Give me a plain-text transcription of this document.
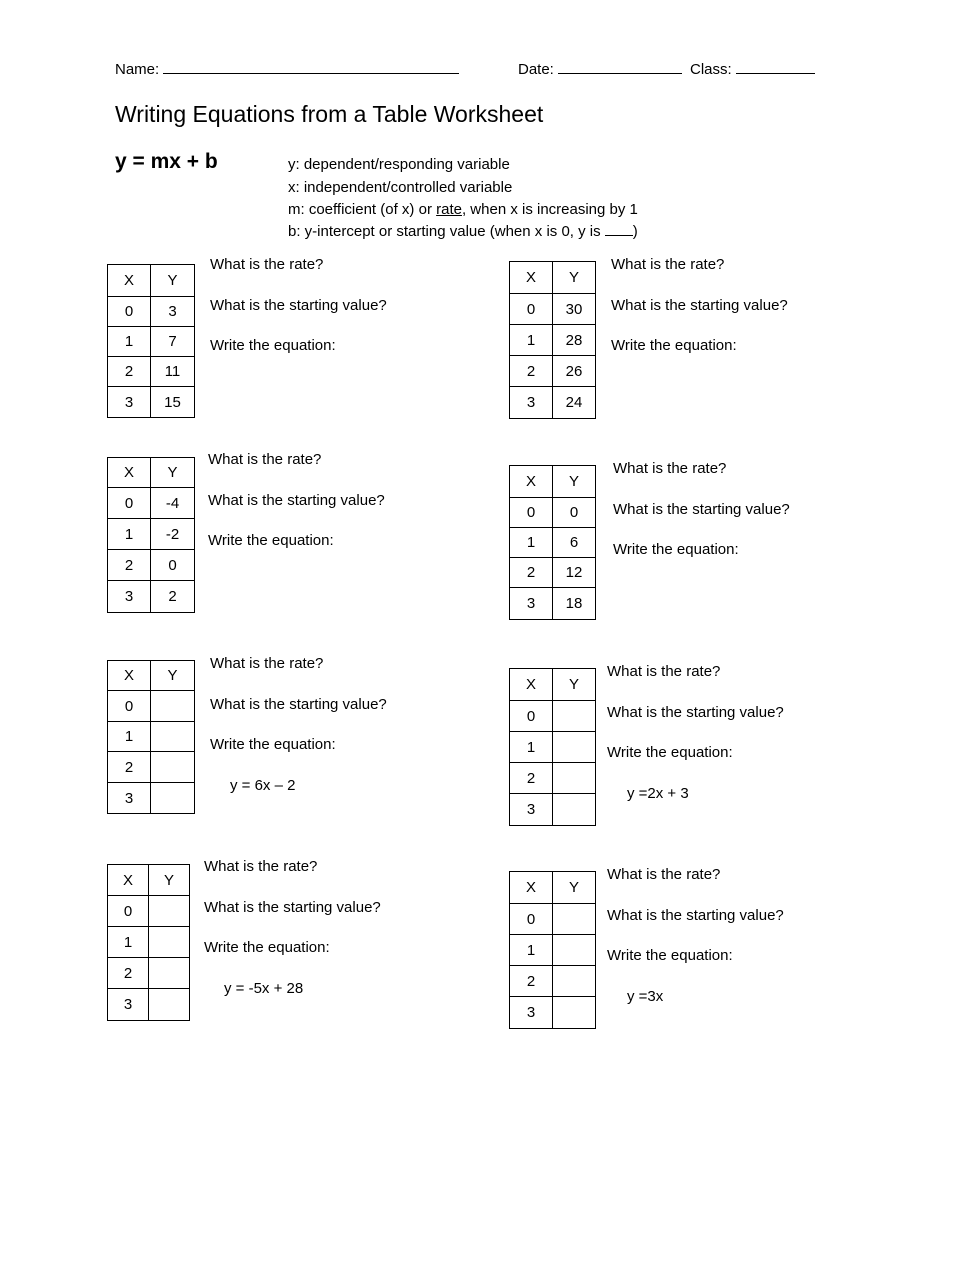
Name:	Date:	Class:
Writing Equations from a Table Worksheet
y = mx + b	y: dependent/responding variable
x: independent/controlled variable
m: coefficient (of x) or rate, when x is increasing by 1
b: y-intercept or starting value (when x is 0, y is )
X	Y
0	3
1	7
2	11
3	15
What is the rate?
What is the starting value?
Write the equation:
X	Y
0	30
1	28
2	26
3	24
What is the rate?
What is the starting value?
Write the equation:
X	Y
0	-4
1	-2
2	0
3	2
What is the rate?
What is the starting value?
Write the equation:
X	Y
0	0
1	6
2	12
3	18
What is the rate?
What is the starting value?
Write the equation:
X	Y
0	
1	
2	
3	
What is the rate?
What is the starting value?
Write the equation:
y = 6x – 2
X	Y
0	
1	
2	
3	
What is the rate?
What is the starting value?
Write the equation:
y =2x + 3
X	Y
0	
1	
2	
3	
What is the rate?
What is the starting value?
Write the equation:
y = -5x + 28
X	Y
0	
1	
2	
3	
What is the rate?
What is the starting value?
Write the equation:
y =3x
